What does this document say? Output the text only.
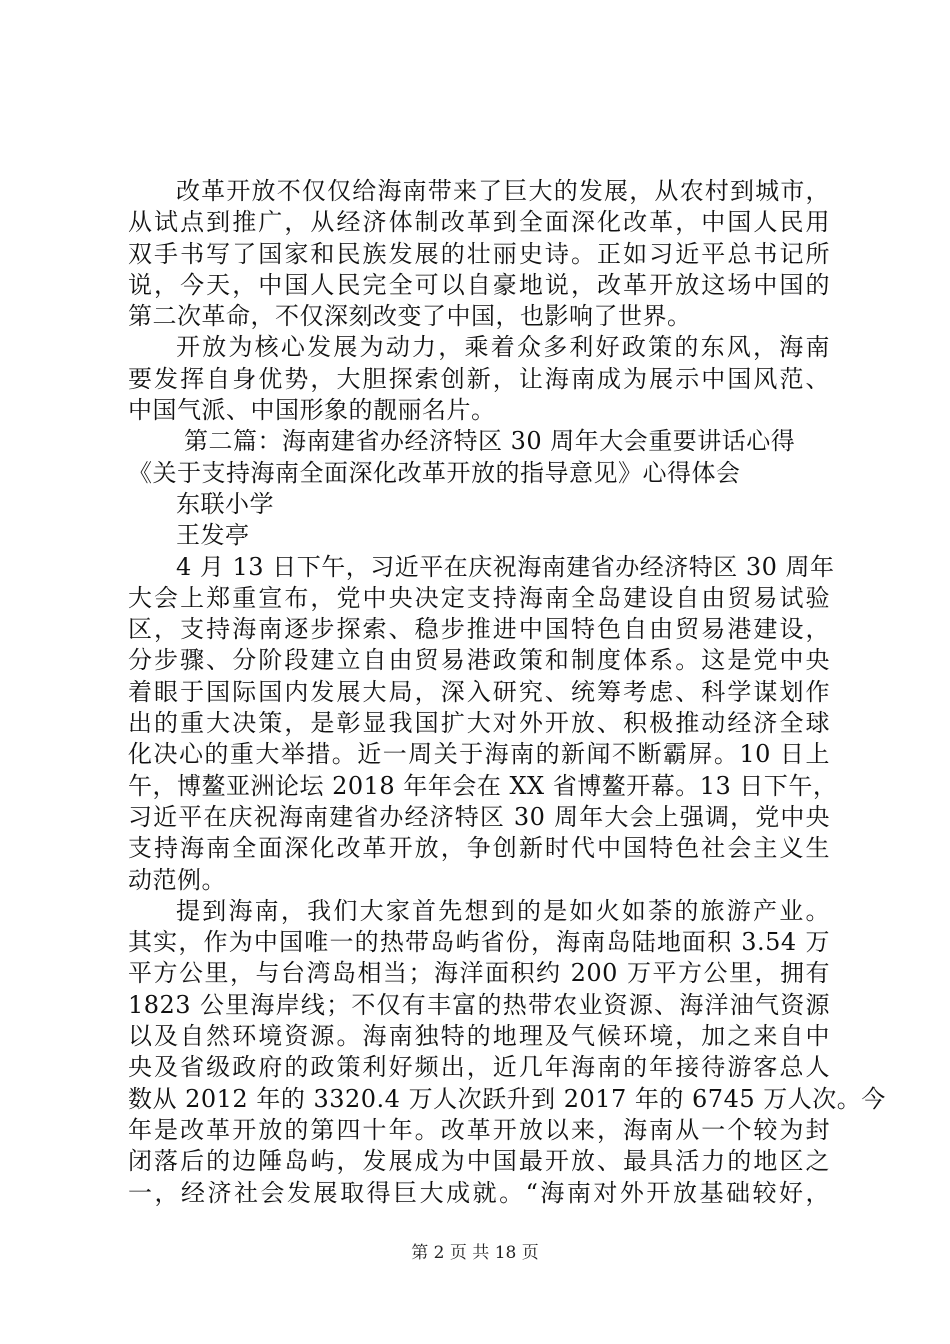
改革开放不仅仅给海南带来了巨大的发展，从农村到城市，
从试点到推广，从经济体制改革到全面深化改革，中国人民用
双手书写了国家和民族发展的壮丽史诗。正如习近平总书记所
说，今天，中国人民完全可以自豪地说，改革开放这场中国的
第二次革命，不仅深刻改变了中国，也影响了世界。
开放为核心发展为动力，乘着众多利好政策的东风，海南
要发挥自身优势，大胆探索创新，让海南成为展示中国风范、
中国气派、中国形象的靓丽名片。
第二篇：海南建省办经济特区 30 周年大会重要讲话心得
《关于支持海南全面深化改革开放的指导意见》心得体会
东联小学
王发亭
4 月 13 日下午，习近平在庆祝海南建省办经济特区 30 周年
大会上郑重宣布，党中央决定支持海南全岛建设自由贸易试验
区，支持海南逐步探索、稳步推进中国特色自由贸易港建设，
分步骤、分阶段建立自由贸易港政策和制度体系。这是党中央
着眼于国际国内发展大局，深入研究、统筹考虑、科学谋划作
出的重大决策，是彰显我国扩大对外开放、积极推动经济全球
化决心的重大举措。近一周关于海南的新闻不断霸屏。10 日上
午，博鳌亚洲论坛 2018 年年会在 XX 省博鳌开幕。13 日下午，
习近平在庆祝海南建省办经济特区 30 周年大会上强调，党中央
支持海南全面深化改革开放，争创新时代中国特色社会主义生
动范例。
提到海南，我们大家首先想到的是如火如荼的旅游产业。
其实，作为中国唯一的热带岛屿省份，海南岛陆地面积 3.54 万
平方公里，与台湾岛相当；海洋面积约 200 万平方公里，拥有
1823 公里海岸线；不仅有丰富的热带农业资源、海洋油气资源
以及自然环境资源。海南独特的地理及气候环境，加之来自中
央及省级政府的政策利好频出，近几年海南的年接待游客总人
数从 2012 年的 3320.4 万人次跃升到 2017 年的 6745 万人次。今
年是改革开放的第四十年。改革开放以来，海南从一个较为封
闭落后的边陲岛屿，发展成为中国最开放、最具活力的地区之
一，经济社会发展取得巨大成就。“海南对外开放基础较好，
第 2 页 共 18 页
